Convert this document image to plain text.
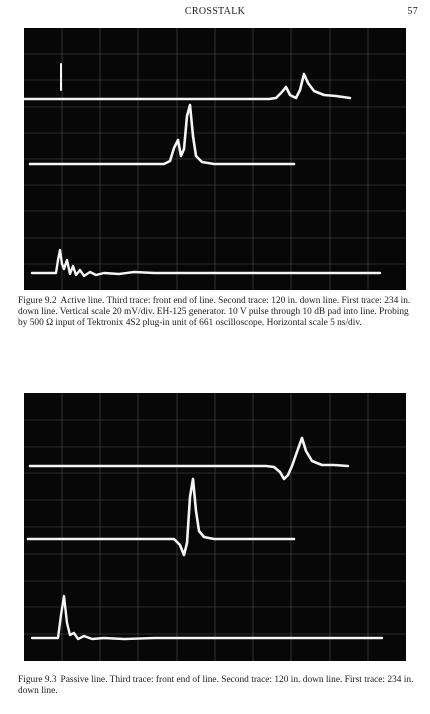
CROSSTALK	57
Figure 9.2 Active line. Third trace: front end of line. Second trace: 120 in. down line. First trace: 234 in. down line. Vertical scale 20 mV/div. EH-125 generator. 10 V pulse through 10 dB pad into line. Probing by 500 Ω input of Tektronix 4S2 plug-in unit of 661 oscilloscope. Horizontal scale 5 ns/div.
Figure 9.3 Passive line. Third trace: front end of line. Second trace: 120 in. down line. First trace: 234 in. down line.
